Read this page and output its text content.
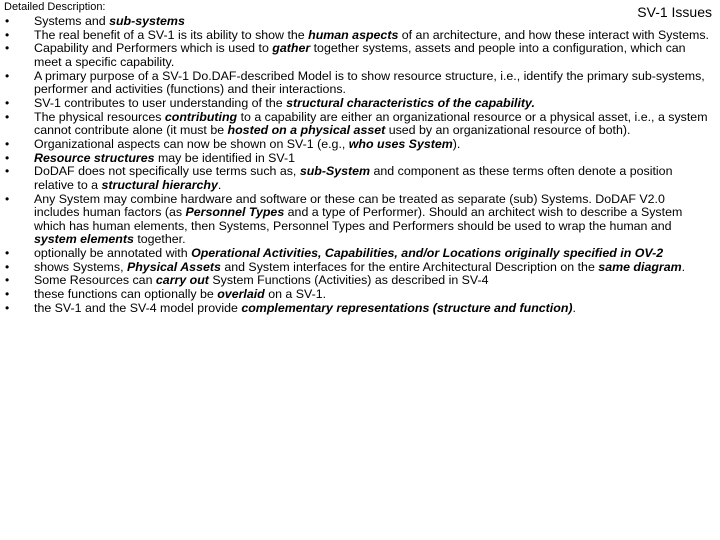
Detailed Description:	SV-1 Issues
• Systems and sub-systems
• The real benefit of a SV-1 is its ability to show the human aspects of an architecture, and how these interact with Systems.
• Capability and Performers which is used to gather together systems, assets and people into a configuration, which can meet a specific capability.
• A primary purpose of a SV-1 Do.DAF-described Model is to show resource structure, i.e., identify the primary sub-systems, performer and activities (functions) and their interactions.
• SV-1 contributes to user understanding of the structural characteristics of the capability.
• The physical resources contributing to a capability are either an organizational resource or a physical asset, i.e., a system cannot contribute alone (it must be hosted on a physical asset used by an organizational resource of both).
• Organizational aspects can now be shown on SV-1 (e.g., who uses System).
• Resource structures may be identified in SV-1
• DoDAF does not specifically use terms such as, sub-System and component as these terms often denote a position relative to a structural hierarchy.
• Any System may combine hardware and software or these can be treated as separate (sub) Systems. DoDAF V2.0 includes human factors (as Personnel Types and a type of Performer). Should an architect wish to describe a System which has human elements, then Systems, Personnel Types and Performers should be used to wrap the human and system elements together.
• optionally be annotated with Operational Activities, Capabilities, and/or Locations originally specified in OV-2
• shows Systems, Physical Assets and System interfaces for the entire Architectural Description on the same diagram.
• Some Resources can carry out System Functions (Activities) as described in SV-4
• these functions can optionally be overlaid on a SV-1.
• the SV-1 and the SV-4 model provide complementary representations (structure and function).
